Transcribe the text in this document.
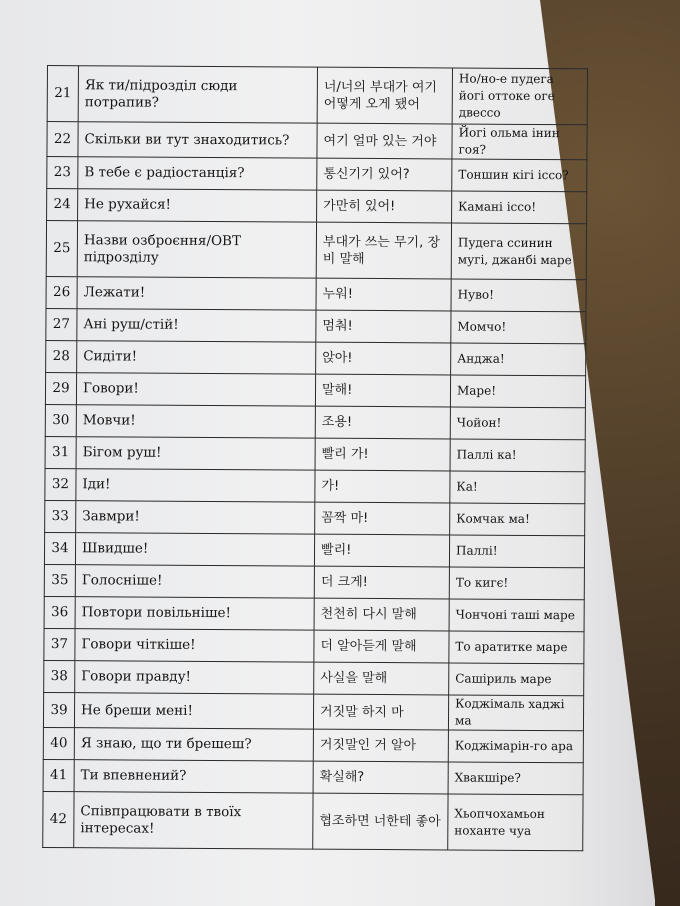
21	Як ти/підрозділ сюди потрапив?	너/너의 부대가 여기 어떻게 오게 됐어	Но/но-е пудега йогі оттоке оге двессо
22	Скільки ви тут знаходитись?	여기 얼마 있는 거야	Йогі ольма інин гоя?
23	В тебе є радіостанція?	통신기기 있어?	Тоншин кігі іссо?
24	Не рухайся!	가만히 있어!	Камані іссо!
25	Назви озброєння/ОВТ підрозділу	부대가 쓰는 무기, 장비 말해	Пудега ссинин мугі, джанбі маре
26	Лежати!	누워!	Нуво!
27	Ані руш/стій!	멈춰!	Момчо!
28	Сидіти!	앉아!	Анджа!
29	Говори!	말해!	Маре!
30	Мовчи!	조용!	Чойон!
31	Бігом руш!	빨리 가!	Паллі ка!
32	Іди!	가!	Ка!
33	Завмри!	꼼짝 마!	Комчак ма!
34	Швидше!	빨리!	Паллі!
35	Голосніше!	더 크게!	То кигє!
36	Повтори повільніше!	천천히 다시 말해	Чончоні таші маре
37	Говори чіткіше!	더 알아듣게 말해	То аратитке маре
38	Говори правду!	사실을 말해	Сашіриль маре
39	Не бреши мені!	거짓말 하지 마	Коджімаль хаджі ма
40	Я знаю, що ти брешеш?	거짓말인 거 알아	Коджімарін-го ара
41	Ти впевнений?	확실해?	Хвакшіре?
42	Співпрацювати в твоїх інтересах!	협조하면 너한테 좋아	Хьопчохамьон ноханте чуа
